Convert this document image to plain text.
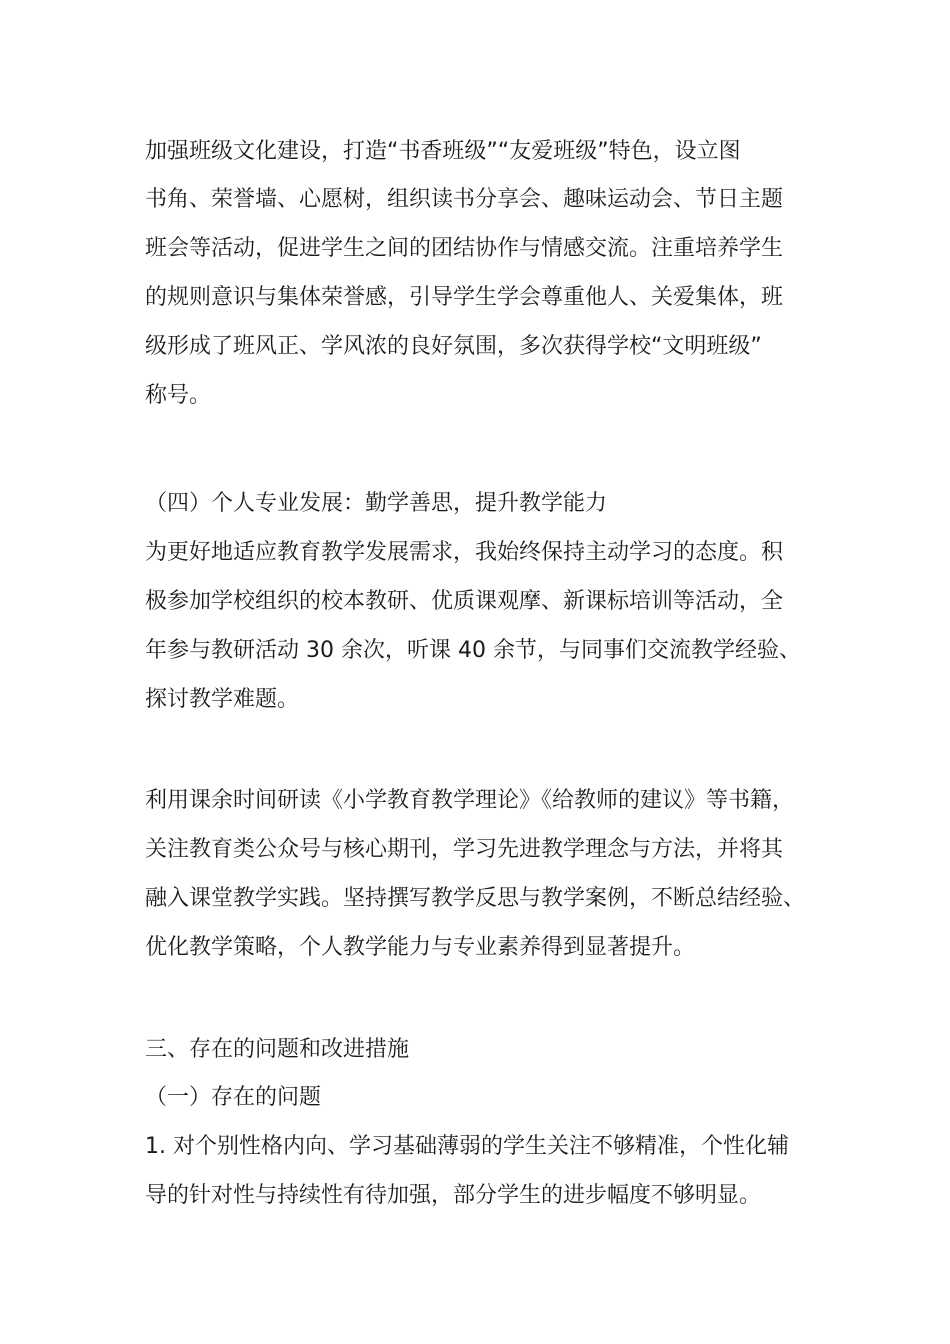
加强班级文化建设，打造“书香班级”“友爱班级”特色，设立图
书角、荣誉墙、心愿树，组织读书分享会、趣味运动会、节日主题
班会等活动，促进学生之间的团结协作与情感交流。注重培养学生
的规则意识与集体荣誉感，引导学生学会尊重他人、关爱集体，班
级形成了班风正、学风浓的良好氛围，多次获得学校“文明班级”
称号。
（四）个人专业发展：勤学善思，提升教学能力
为更好地适应教育教学发展需求，我始终保持主动学习的态度。积
极参加学校组织的校本教研、优质课观摩、新课标培训等活动，全
年参与教研活动 30 余次，听课 40 余节，与同事们交流教学经验、
探讨教学难题。
利用课余时间研读《小学教育教学理论》《给教师的建议》等书籍，
关注教育类公众号与核心期刊，学习先进教学理念与方法，并将其
融入课堂教学实践。坚持撰写教学反思与教学案例，不断总结经验、
优化教学策略，个人教学能力与专业素养得到显著提升。
三、存在的问题和改进措施
（一）存在的问题
1. 对个别性格内向、学习基础薄弱的学生关注不够精准，个性化辅
导的针对性与持续性有待加强，部分学生的进步幅度不够明显。
